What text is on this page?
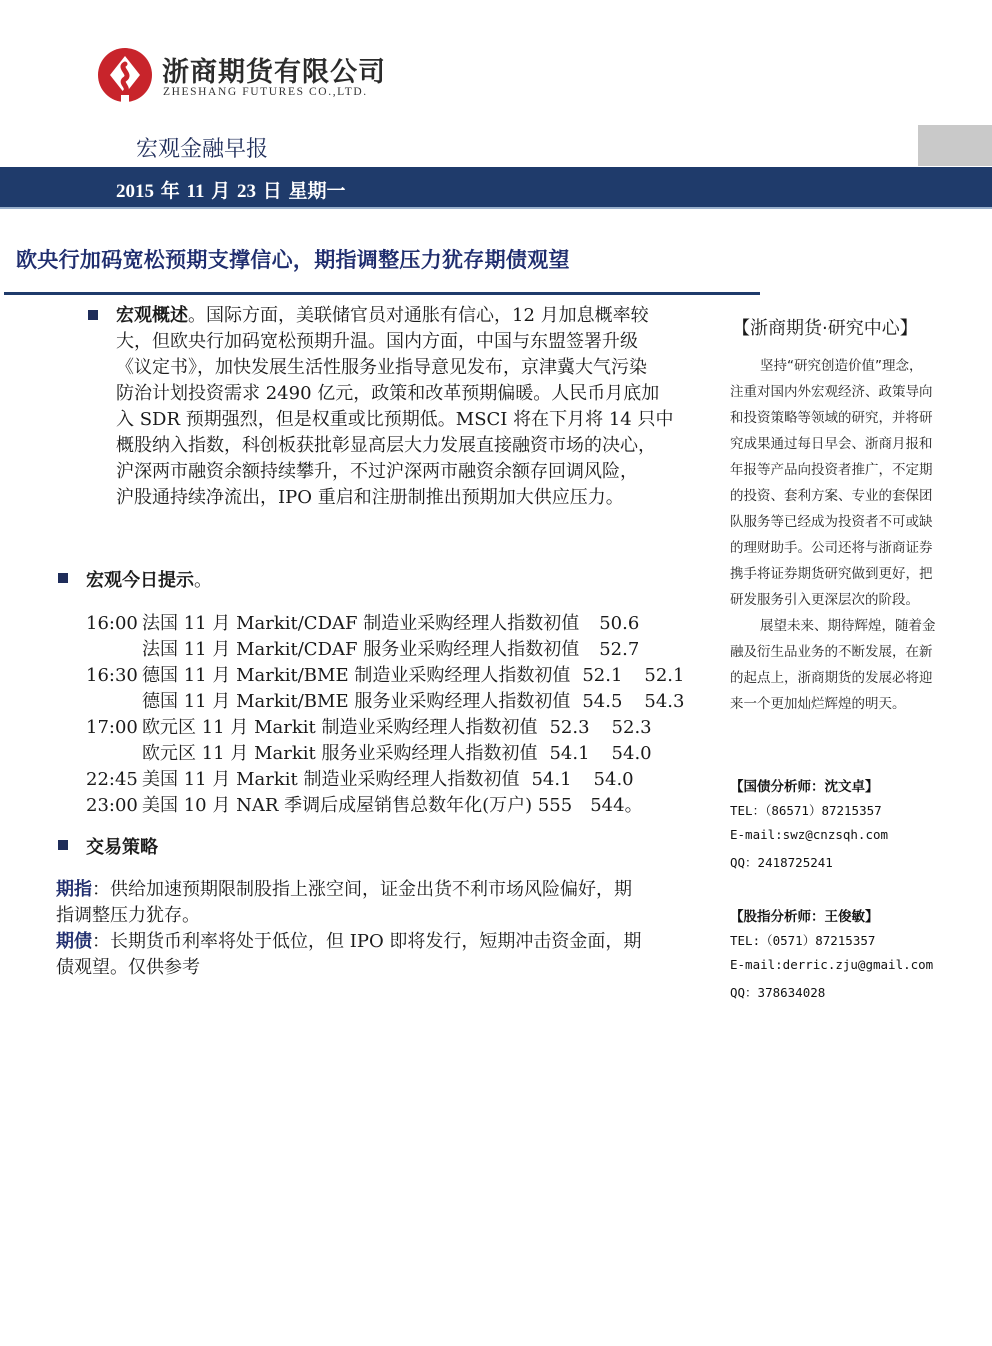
浙商期货有限公司
ZHESHANG FUTURES CO.,LTD.
宏观金融早报
2015 年 11 月 23 日 星期一
欧央行加码宽松预期支撑信心，期指调整压力犹存期债观望
宏观概述。国际方面，美联储官员对通胀有信心，12 月加息概率较
大，但欧央行加码宽松预期升温。国内方面，中国与东盟签署升级
《议定书》，加快发展生活性服务业指导意见发布，京津冀大气污染
防治计划投资需求 2490 亿元，政策和改革预期偏暖。人民币月底加
入 SDR 预期强烈，但是权重或比预期低。MSCI 将在下月将 14 只中
概股纳入指数，科创板获批彰显高层大力发展直接融资市场的决心，
沪深两市融资余额持续攀升，不过沪深两市融资余额存回调风险，
沪股通持续净流出，IPO 重启和注册制推出预期加大供应压力。
宏观今日提示。
16:00 法国 11 月 Markit/CDAF 制造业采购经理人指数初值 50.6
法国 11 月 Markit/CDAF 服务业采购经理人指数初值 52.7
16:30 德国 11 月 Markit/BME 制造业采购经理人指数初值 52.1 52.1
德国 11 月 Markit/BME 服务业采购经理人指数初值 54.5 54.3
17:00 欧元区 11 月 Markit 制造业采购经理人指数初值 52.3 52.3
欧元区 11 月 Markit 服务业采购经理人指数初值 54.1 54.0
22:45 美国 11 月 Markit 制造业采购经理人指数初值 54.1 54.0
23:00 美国 10 月 NAR 季调后成屋销售总数年化(万户) 555 544。
交易策略
期指：供给加速预期限制股指上涨空间，证金出货不利市场风险偏好，期
指调整压力犹存。
期债：长期货币利率将处于低位，但 IPO 即将发行，短期冲击资金面，期
债观望。仅供参考
【浙商期货·研究中心】
坚持“研究创造价值”理念，
注重对国内外宏观经济、政策导向
和投资策略等领域的研究，并将研
究成果通过每日早会、浙商月报和
年报等产品向投资者推广，不定期
的投资、套利方案、专业的套保团
队服务等已经成为投资者不可或缺
的理财助手。公司还将与浙商证券
携手将证券期货研究做到更好，把
研发服务引入更深层次的阶段。
展望未来、期待辉煌，随着金
融及衍生品业务的不断发展，在新
的起点上，浙商期货的发展必将迎
来一个更加灿烂辉煌的明天。
【国债分析师：沈文卓】
TEL：（86571）87215357
E-mail:swz@cnzsqh.com
QQ：2418725241
【股指分析师：王俊敏】
TEL:（0571）87215357
E-mail:derric.zju@gmail.com
QQ：378634028
